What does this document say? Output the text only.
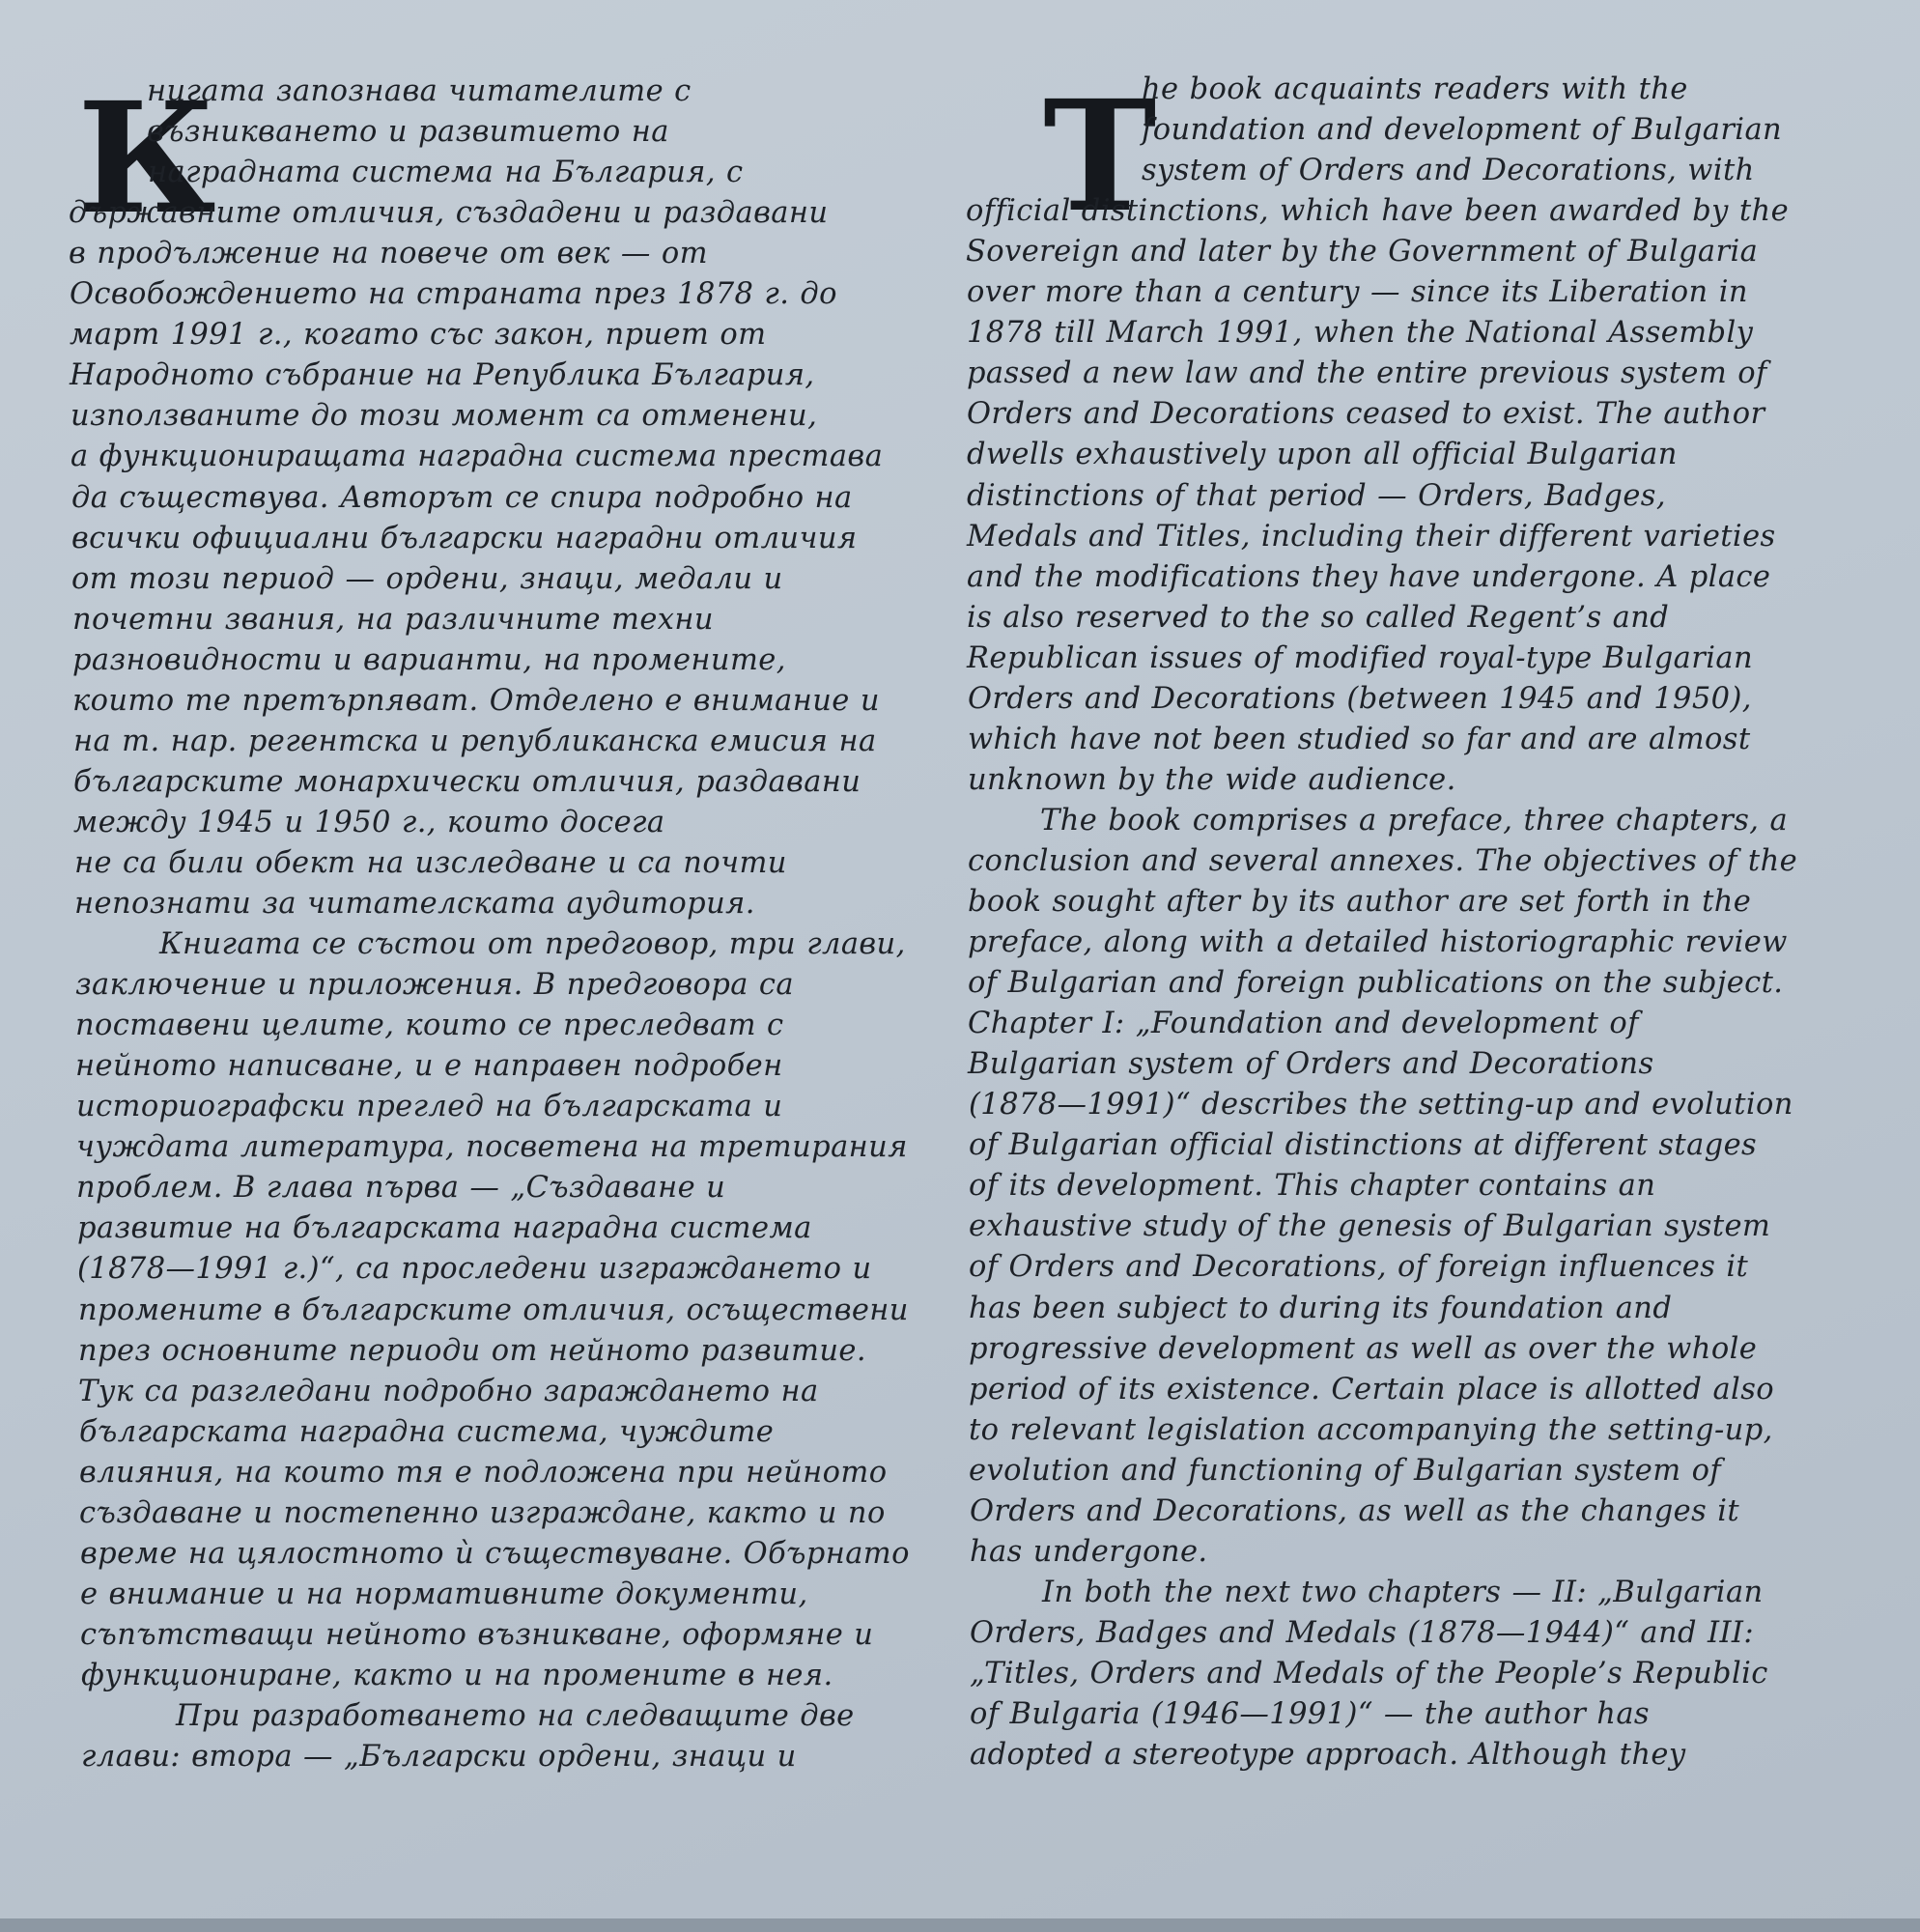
К	T
нигата запознава читателите с
възникването и развитието на
наградната система на България, с
държавните отличия, създадени и раздавани
в продължение на повече от век — от
Освобождението на страната през 1878 г. до
март 1991 г., когато със закон, приет от
Народното събрание на Република България,
използваните до този момент са отменени,
а функциониращата наградна система престава
да съществува. Авторът се спира подробно на
всички официални български наградни отличия
от този период — ордени, знаци, медали и
почетни звания, на различните техни
разновидности и варианти, на промените,
които те претърпяват. Отделено е внимание и
на т. нар. регентска и републиканска емисия на
българските монархически отличия, раздавани
между 1945 и 1950 г., които досега
не са били обект на изследване и са почти
непознати за читателската аудитория.
Книгата се състои от предговор, три глави,
заключение и приложения. В предговора са
поставени целите, които се преследват с
нейното написване, и е направен подробен
историографски преглед на българската и
чуждата литература, посветена на третирания
проблем. В глава първа — „Създаване и
развитие на българската наградна система
(1878—1991 г.)“, са проследени изграждането и
промените в българските отличия, осъществени
през основните периоди от нейното развитие.
Тук са разгледани подробно зараждането на
българската наградна система, чуждите
влияния, на които тя е подложена при нейното
създаване и постепенно изграждане, както и по
време на цялостното ѝ съществуване. Обърнато
е внимание и на нормативните документи,
съпътстващи нейното възникване, оформяне и
функциониране, както и на промените в нея.
При разработването на следващите две
глави: втора — „Български ордени, знаци и
he book acquaints readers with the
foundation and development of Bulgarian
system of Orders and Decorations, with
official distinctions, which have been awarded by the
Sovereign and later by the Government of Bulgaria
over more than a century — since its Liberation in
1878 till March 1991, when the National Assembly
passed a new law and the entire previous system of
Orders and Decorations ceased to exist. The author
dwells exhaustively upon all official Bulgarian
distinctions of that period — Orders, Badges,
Medals and Titles, including their different varieties
and the modifications they have undergone. A place
is also reserved to the so called Regent’s and
Republican issues of modified royal-type Bulgarian
Orders and Decorations (between 1945 and 1950),
which have not been studied so far and are almost
unknown by the wide audience.
The book comprises a preface, three chapters, a
conclusion and several annexes. The objectives of the
book sought after by its author are set forth in the
preface, along with a detailed historiographic review
of Bulgarian and foreign publications on the subject.
Chapter I: „Foundation and development of
Bulgarian system of Orders and Decorations
(1878—1991)“ describes the setting-up and evolution
of Bulgarian official distinctions at different stages
of its development. This chapter contains an
exhaustive study of the genesis of Bulgarian system
of Orders and Decorations, of foreign influences it
has been subject to during its foundation and
progressive development as well as over the whole
period of its existence. Certain place is allotted also
to relevant legislation accompanying the setting-up,
evolution and functioning of Bulgarian system of
Orders and Decorations, as well as the changes it
has undergone.
In both the next two chapters — II: „Bulgarian
Orders, Badges and Medals (1878—1944)“ and III:
„Titles, Orders and Medals of the People’s Republic
of Bulgaria (1946—1991)“ — the author has
adopted a stereotype approach. Although they
